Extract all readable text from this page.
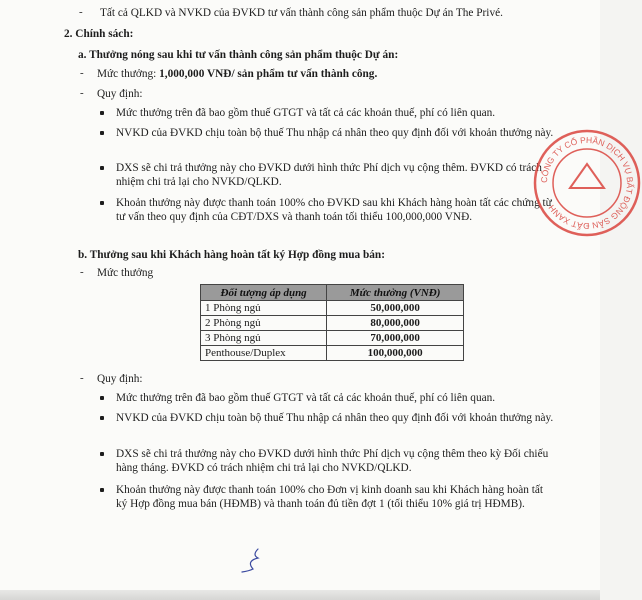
- Tất cả QLKD và NVKD của ĐVKD tư vấn thành công sản phẩm thuộc Dự án The Privé.
2. Chính sách:
a. Thưởng nóng sau khi tư vấn thành công sản phẩm thuộc Dự án:
- Mức thưởng: 1,000,000 VNĐ/ sản phẩm tư vấn thành công.
- Quy định:
Mức thưởng trên đã bao gồm thuế GTGT và tất cả các khoản thuế, phí có liên quan.
NVKD của ĐVKD chịu toàn bộ thuế Thu nhập cá nhân theo quy định đối với khoản thưởng này.
DXS sẽ chi trả thưởng này cho ĐVKD dưới hình thức Phí dịch vụ cộng thêm. ĐVKD có trách nhiệm chi trả lại cho NVKD/QLKD.
Khoản thưởng này được thanh toán 100% cho ĐVKD sau khi Khách hàng hoàn tất các chứng từ tư vấn theo quy định của CĐT/DXS và thanh toán tối thiểu 100,000,000 VNĐ.
b. Thưởng sau khi Khách hàng hoàn tất ký Hợp đồng mua bán:
- Mức thưởng
Đối tượng áp dụng	Mức thưởng (VNĐ)
1 Phòng ngủ	50,000,000
2 Phòng ngủ	80,000,000
3 Phòng ngủ	70,000,000
Penthouse/Duplex	100,000,000
- Quy định:
Mức thưởng trên đã bao gồm thuế GTGT và tất cả các khoản thuế, phí có liên quan.
NVKD của ĐVKD chịu toàn bộ thuế Thu nhập cá nhân theo quy định đối với khoản thưởng này.
DXS sẽ chi trả thưởng này cho ĐVKD dưới hình thức Phí dịch vụ cộng thêm theo kỳ Đối chiếu hàng tháng. ĐVKD có trách nhiệm chi trả lại cho NVKD/QLKD.
Khoản thưởng này được thanh toán 100% cho Đơn vị kinh doanh sau khi Khách hàng hoàn tất ký Hợp đồng mua bán (HĐMB) và thanh toán đủ tiền đợt 1 (tối thiểu 10% giá trị HĐMB).
CÔNG TY CỔ PHẦN DỊCH VỤ BẤT ĐỘNG SẢN ĐẤT XANH
